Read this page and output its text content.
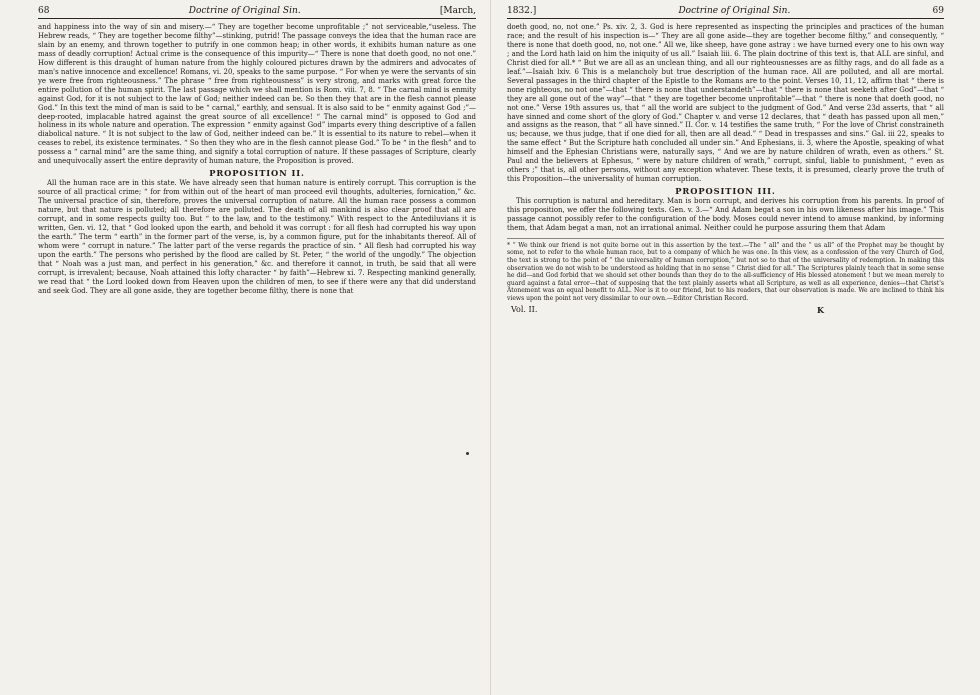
68	Doctrine of Original Sin.	[March,

and happiness into the way of sin and misery.—“ They are together become unprofitable ;” not serviceable,“useless. The Hebrew reads, “ They are together become filthy”—stinking, putrid! The passage conveys the idea that the human race are slain by an enemy, and thrown together to putrify in one common heap; in other words, it exhibits human nature as one mass of deadly corruption! Actual crime is the consequence of this impurity—“ There is none that doeth good, no not one.” How different is this draught of human nature from the highly coloured pictures drawn by the admirers and advocates of man's native innocence and excellence! Romans, vi. 20, speaks to the same purpose. “ For when ye were the servants of sin ye were free from righteousness.” The phrase “ free from righteousness” is very strong, and marks with great force the entire pollution of the human spirit. The last passage which we shall mention is Rom. viii. 7, 8. “ The carnal mind is enmity against God, for it is not subject to the law of God; neither indeed can be. So then they that are in the flesh cannot please God.” In this text the mind of man is said to be “ carnal,” earthly, and sensual. It is also said to be “ enmity against God ;”—deep-rooted, implacable hatred against the great source of all excellence! “ The carnal mind” is opposed to God and holiness in its whole nature and operation. The expression “ enmity against God” imparts every thing descriptive of a fallen diabolical nature. “ It is not subject to the law of God, neither indeed can be.” It is essential to its nature to rebel—when it ceases to rebel, its existence terminates. “ So then they who are in the flesh cannot please God.” To be “ in the flesh” and to possess a “ carnal mind” are the same thing, and signify a total corruption of nature. If these passages of Scripture, clearly and unequivocally assert the entire depravity of human nature, the Proposition is proved.

PROPOSITION II.

All the human race are in this state. We have already seen that human nature is entirely corrupt. This corruption is the source of all practical crime; “ for from within out of the heart of man proceed evil thoughts, adulteries, fornication,” &c. The universal practice of sin, therefore, proves the universal corruption of nature. All the human race possess a common nature, but that nature is polluted; all therefore are polluted. The death of all mankind is also clear proof that all are corrupt, and in some respects guilty too. But “ to the law, and to the testimony.” With respect to the Antediluvians it is written, Gen. vi. 12, that “ God looked upon the earth, and behold it was corrupt : for all flesh had corrupted his way upon the earth.” The term “ earth” in the former part of the verse, is, by a common figure, put for the inhabitants thereof. All of whom were “ corrupt in nature.” The latter part of the verse regards the practice of sin. “ All flesh had corrupted his way upon the earth.” The persons who perished by the flood are called by St. Peter, “ the world of the ungodly.” The objection that “ Noah was a just man, and perfect in his generation,” &c. and therefore it cannot, in truth, be said that all were corrupt, is irrevalent; because, Noah attained this lofty character “ by faith”—Hebrew xi. 7. Respecting mankind generally, we read that “ the Lord looked down from Heaven upon the children of men, to see if there were any that did understand and seek God. They are all gone aside, they are together become filthy, there is none that

1832.]	Doctrine of Original Sin.	69

doeth good, no, not one.” Ps. xiv. 2, 3. God is here represented as inspecting the principles and practices of the human race; and the result of his inspection is—“ They are all gone aside—they are together become filthy,” and consequently, “ there is none that doeth good, no, not one.” All we, like sheep, have gone astray : we have turned every one to his own way ; and the Lord hath laid on him the iniquity of us all.” Isaiah liii. 6. The plain doctrine of this text is, that ALL are sinful, and Christ died for all.* “ But we are all as an unclean thing, and all our righteousnesses are as filthy rags, and do all fade as a leaf.”—Isaiah lxiv. 6 This is a melancholy but true description of the human race. All are polluted, and all are mortal. Several passages in the third chapter of the Epistle to the Romans are to the point. Verses 10, 11, 12, affirm that “ there is none righteous, no not one”—that “ there is none that understandeth”—that “ there is none that seeketh after God”—that “ they are all gone out of the way”—that “ they are together become unprofitable”—that “ there is none that doeth good, no not one.” Verse 19th assures us, that “ all the world are subject to the judgment of God.” And verse 23d asserts, that “ all have sinned and come short of the glory of God.” Chapter v. and verse 12 declares, that “ death has passed upon all men,” and assigns as the reason, that “ all have sinned.” II. Cor. v. 14 testifies the same truth, “ For the love of Christ constraineth us; because, we thus judge, that if one died for all, then are all dead.” “ Dead in trespasses and sins.” Gal. iii 22, speaks to the same effect “ But the Scripture hath concluded all under sin.” And Ephesians, ii. 3, where the Apostle, speaking of what himself and the Ephesian Christians were, naturally says, “ And we are by nature children of wrath, even as others.” St. Paul and the believers at Ephesus, “ were by nature children of wrath,” corrupt, sinful, liable to punishment, “ even as others ;” that is, all other persons, without any exception whatever. These texts, it is presumed, clearly prove the truth of this Proposition—the universality of human corruption.

PROPOSITION III.

This corruption is natural and hereditary. Man is born corrupt, and derives his corruption from his parents. In proof of this proposition, we offer the following texts. Gen. v. 3.—“ And Adam begat a son in his own likeness after his image.” This passage cannot possibly refer to the configuration of the body. Moses could never intend to amuse mankind, by informing them, that Adam begat a man, not an irrational animal. Neither could he purpose assuring them that Adam

* “ We think our friend is not quite borne out in this assertion by the text.—The “ all” and the “ us all” of the Prophet may be thought by some, not to refer to the whole human race, but to a company of which he was one. In this view, as a confession of the very Church of God, the text is strong to the point of “ the universality of human corruption,” but not so to that of the universality of redemption. In making this observation we do not wish to be understood as holding that in no sense “ Christ died for all.” The Scriptures plainly teach that in some sense he did—and God forbid that we should set other bounds than they do to the all-sufficiency of His blessed atonement ! but we mean merely to guard against a fatal error—that of supposing that the text plainly asserts what all Scripture, as well as all experience, denies—that Christ's Atonement was an equal benefit to ALL. Nor is it to our friend, but to his readers, that our observation is made. We are inclined to think his views upon the point not very dissimilar to our own.—Editor Christian Record.

Vol. II.	K
